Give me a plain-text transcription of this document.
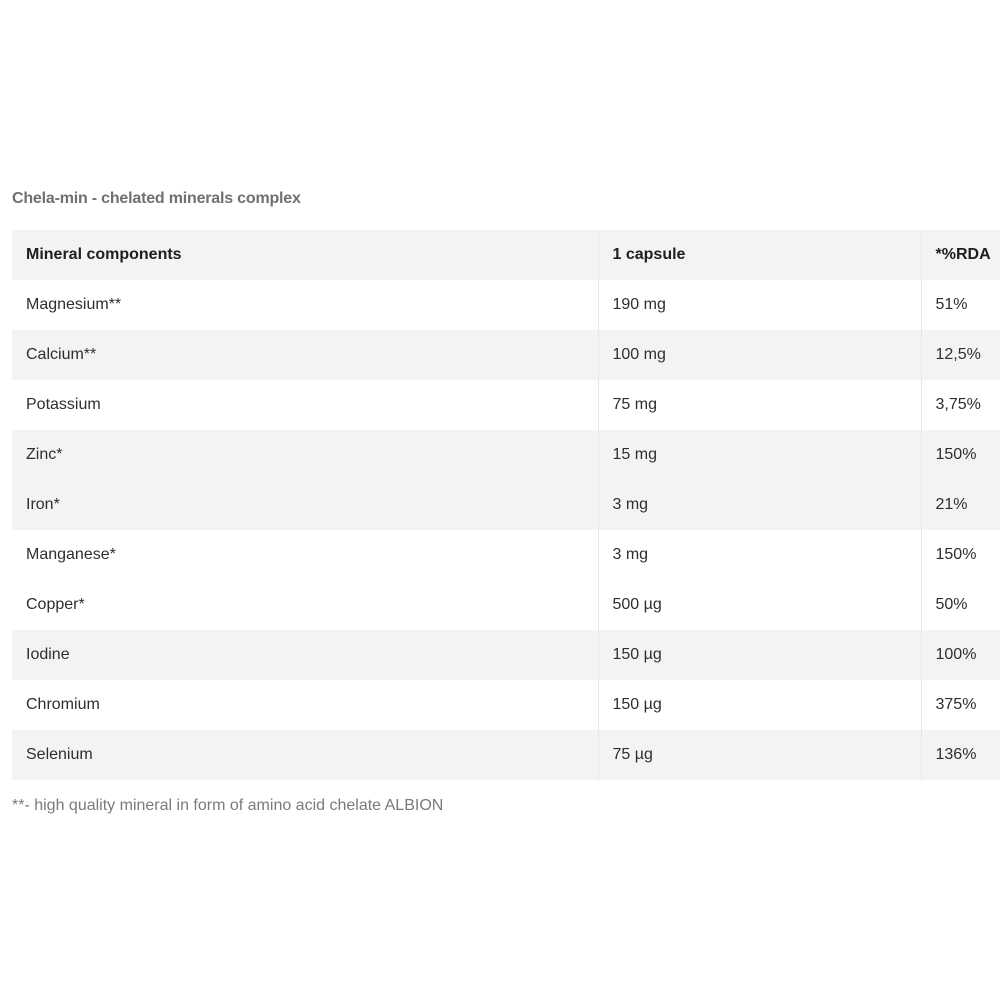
Chela-min - chelated minerals complex
Mineral components	1 capsule	*%RDA
Magnesium**	190 mg	51%
Calcium**	100 mg	12,5%
Potassium	75 mg	3,75%
Zinc*	15 mg	150%
Iron*	3 mg	21%
Manganese*	3 mg	150%
Copper*	500 µg	50%
Iodine	150 µg	100%
Chromium	150 µg	375%
Selenium	75 µg	136%
**- high quality mineral in form of amino acid chelate ALBION
